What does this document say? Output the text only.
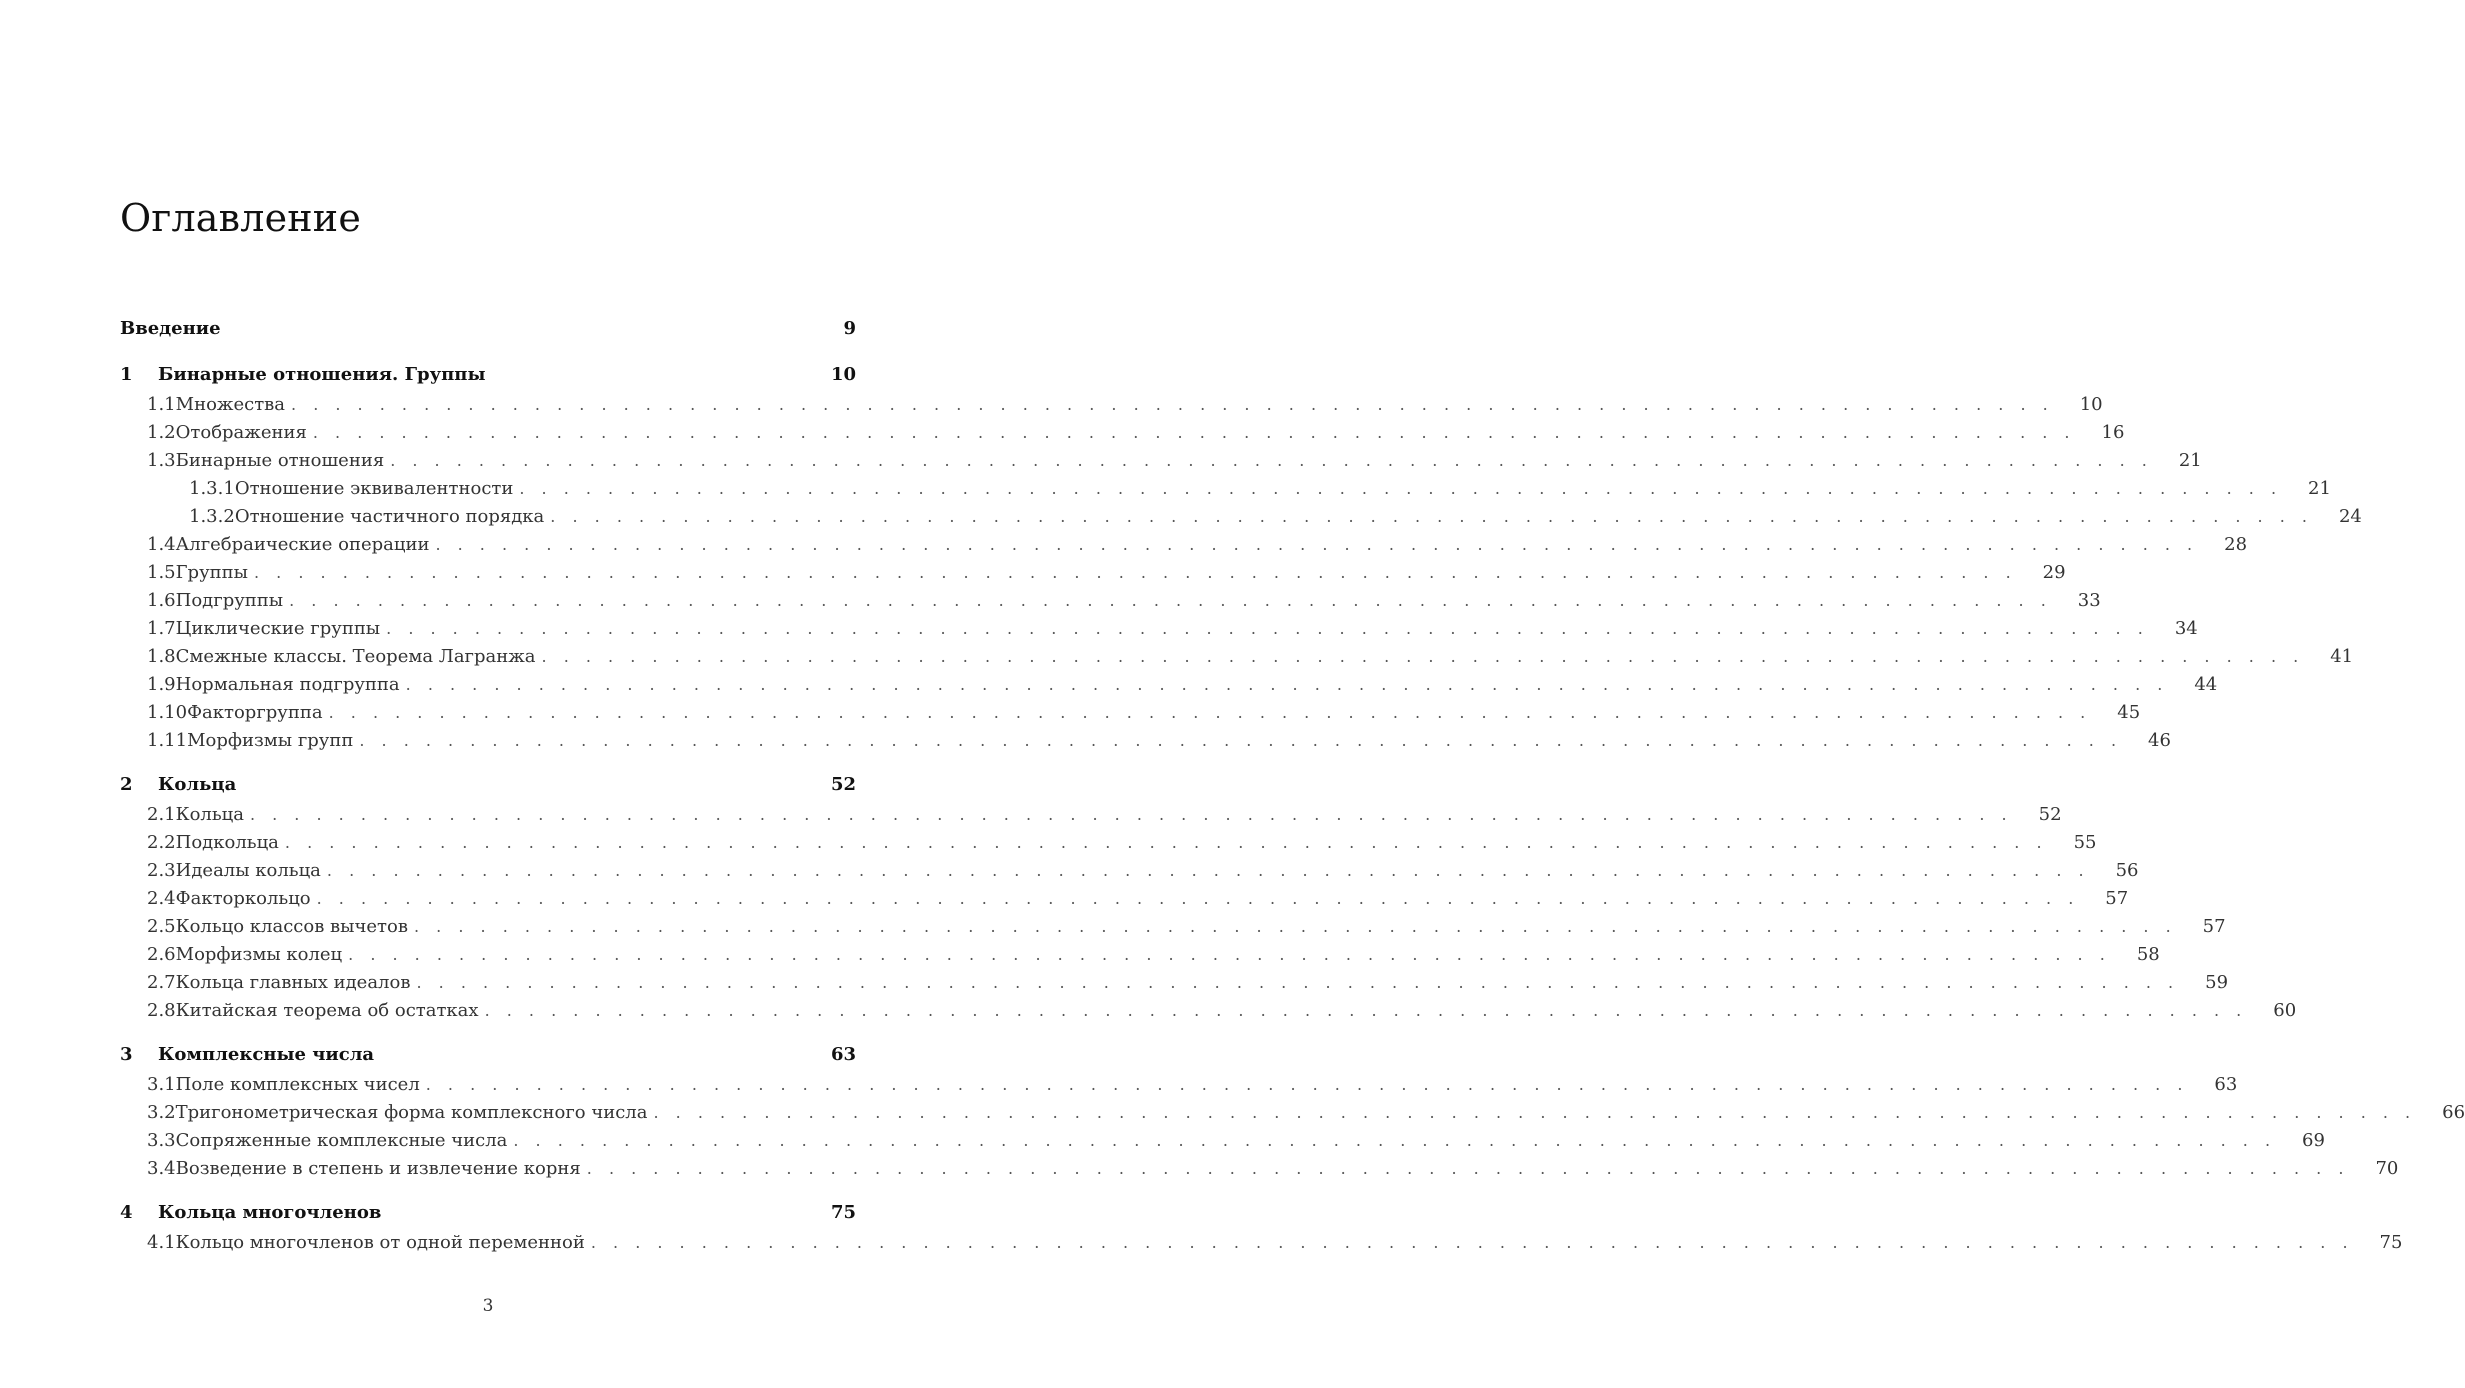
Оглавление
Введение	9
1	Бинарные отношения. Группы	10
1.1 Множества . . . . . . . . . . . . . . . . . . . . . . . . . . . . . . . . . . . . . . . . . . . . . . . . . . . . . . . . . . . . . . . . . . . . . . . . . . . . . . . . 10
1.2 Отображения . . . . . . . . . . . . . . . . . . . . . . . . . . . . . . . . . . . . . . . . . . . . . . . . . . . . . . . . . . . . . . . . . . . . . . . . . . . . . . . . 16
1.3 Бинарные отношения . . . . . . . . . . . . . . . . . . . . . . . . . . . . . . . . . . . . . . . . . . . . . . . . . . . . . . . . . . . . . . . . . . . . . . . . . . . . . . . . 21
1.3.1 Отношение эквивалентности . . . . . . . . . . . . . . . . . . . . . . . . . . . . . . . . . . . . . . . . . . . . . . . . . . . . . . . . . . . . . . . . . . . . . . . . . . . . . . . . 21
1.3.2 Отношение частичного порядка . . . . . . . . . . . . . . . . . . . . . . . . . . . . . . . . . . . . . . . . . . . . . . . . . . . . . . . . . . . . . . . . . . . . . . . . . . . . . . . . 24
1.4 Алгебраические операции . . . . . . . . . . . . . . . . . . . . . . . . . . . . . . . . . . . . . . . . . . . . . . . . . . . . . . . . . . . . . . . . . . . . . . . . . . . . . . . . 28
1.5 Группы . . . . . . . . . . . . . . . . . . . . . . . . . . . . . . . . . . . . . . . . . . . . . . . . . . . . . . . . . . . . . . . . . . . . . . . . . . . . . . . . 29
1.6 Подгруппы . . . . . . . . . . . . . . . . . . . . . . . . . . . . . . . . . . . . . . . . . . . . . . . . . . . . . . . . . . . . . . . . . . . . . . . . . . . . . . . . 33
1.7 Циклические группы . . . . . . . . . . . . . . . . . . . . . . . . . . . . . . . . . . . . . . . . . . . . . . . . . . . . . . . . . . . . . . . . . . . . . . . . . . . . . . . . 34
1.8 Смежные классы. Теорема Лагранжа . . . . . . . . . . . . . . . . . . . . . . . . . . . . . . . . . . . . . . . . . . . . . . . . . . . . . . . . . . . . . . . . . . . . . . . . . . . . . . . . 41
1.9 Нормальная подгруппа . . . . . . . . . . . . . . . . . . . . . . . . . . . . . . . . . . . . . . . . . . . . . . . . . . . . . . . . . . . . . . . . . . . . . . . . . . . . . . . . 44
1.10 Факторгруппа . . . . . . . . . . . . . . . . . . . . . . . . . . . . . . . . . . . . . . . . . . . . . . . . . . . . . . . . . . . . . . . . . . . . . . . . . . . . . . . . 45
1.11 Морфизмы групп . . . . . . . . . . . . . . . . . . . . . . . . . . . . . . . . . . . . . . . . . . . . . . . . . . . . . . . . . . . . . . . . . . . . . . . . . . . . . . . . 46
2	Кольца	52
2.1 Кольца . . . . . . . . . . . . . . . . . . . . . . . . . . . . . . . . . . . . . . . . . . . . . . . . . . . . . . . . . . . . . . . . . . . . . . . . . . . . . . . . 52
2.2 Подкольца . . . . . . . . . . . . . . . . . . . . . . . . . . . . . . . . . . . . . . . . . . . . . . . . . . . . . . . . . . . . . . . . . . . . . . . . . . . . . . . . 55
2.3 Идеалы кольца . . . . . . . . . . . . . . . . . . . . . . . . . . . . . . . . . . . . . . . . . . . . . . . . . . . . . . . . . . . . . . . . . . . . . . . . . . . . . . . . 56
2.4 Факторкольцо . . . . . . . . . . . . . . . . . . . . . . . . . . . . . . . . . . . . . . . . . . . . . . . . . . . . . . . . . . . . . . . . . . . . . . . . . . . . . . . . 57
2.5 Кольцо классов вычетов . . . . . . . . . . . . . . . . . . . . . . . . . . . . . . . . . . . . . . . . . . . . . . . . . . . . . . . . . . . . . . . . . . . . . . . . . . . . . . . . 57
2.6 Морфизмы колец . . . . . . . . . . . . . . . . . . . . . . . . . . . . . . . . . . . . . . . . . . . . . . . . . . . . . . . . . . . . . . . . . . . . . . . . . . . . . . . . 58
2.7 Кольца главных идеалов . . . . . . . . . . . . . . . . . . . . . . . . . . . . . . . . . . . . . . . . . . . . . . . . . . . . . . . . . . . . . . . . . . . . . . . . . . . . . . . . 59
2.8 Китайская теорема об остатках . . . . . . . . . . . . . . . . . . . . . . . . . . . . . . . . . . . . . . . . . . . . . . . . . . . . . . . . . . . . . . . . . . . . . . . . . . . . . . . . 60
3	Комплексные числа	63
3.1 Поле комплексных чисел . . . . . . . . . . . . . . . . . . . . . . . . . . . . . . . . . . . . . . . . . . . . . . . . . . . . . . . . . . . . . . . . . . . . . . . . . . . . . . . . 63
3.2 Тригонометрическая форма комплексного числа . . . . . . . . . . . . . . . . . . . . . . . . . . . . . . . . . . . . . . . . . . . . . . . . . . . . . . . . . . . . . . . . . . . . . . . . . . . . . . . . 66
3.3 Сопряженные комплексные числа . . . . . . . . . . . . . . . . . . . . . . . . . . . . . . . . . . . . . . . . . . . . . . . . . . . . . . . . . . . . . . . . . . . . . . . . . . . . . . . . 69
3.4 Возведение в степень и извлечение корня . . . . . . . . . . . . . . . . . . . . . . . . . . . . . . . . . . . . . . . . . . . . . . . . . . . . . . . . . . . . . . . . . . . . . . . . . . . . . . . . 70
4	Кольца многочленов	75
4.1 Кольцо многочленов от одной переменной . . . . . . . . . . . . . . . . . . . . . . . . . . . . . . . . . . . . . . . . . . . . . . . . . . . . . . . . . . . . . . . . . . . . . . . . . . . . . . . . 75
3
